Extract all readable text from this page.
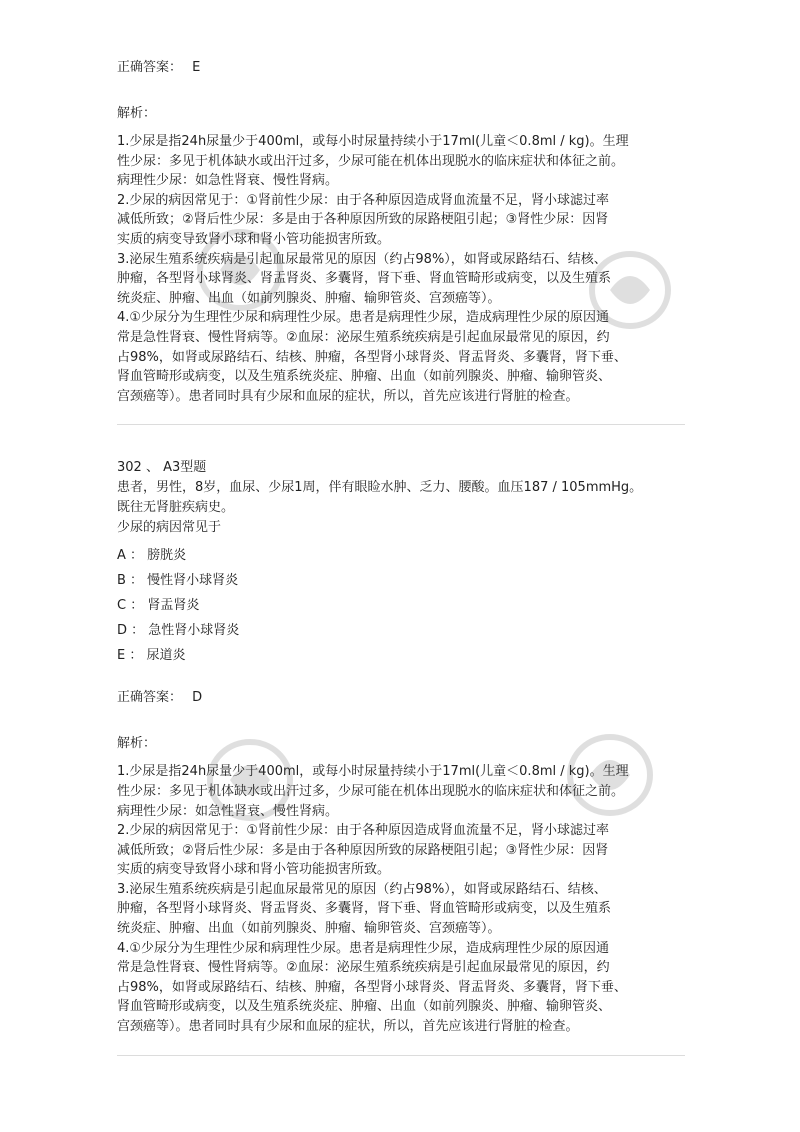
正确答案： E
解析：
1.少尿是指24h尿量少于400ml，或每小时尿量持续小于17ml(儿童＜0.8ml / kg)。生理
性少尿：多见于机体缺水或出汗过多，少尿可能在机体出现脱水的临床症状和体征之前。
病理性少尿：如急性肾衰、慢性肾病。
2.少尿的病因常见于：①肾前性少尿：由于各种原因造成肾血流量不足，肾小球滤过率
减低所致；②肾后性少尿：多是由于各种原因所致的尿路梗阻引起；③肾性少尿：因肾
实质的病变导致肾小球和肾小管功能损害所致。
3.泌尿生殖系统疾病是引起血尿最常见的原因（约占98%），如肾或尿路结石、结核、
肿瘤，各型肾小球肾炎、肾盂肾炎、多囊肾，肾下垂、肾血管畸形或病变，以及生殖系
统炎症、肿瘤、出血（如前列腺炎、肿瘤、输卵管炎、宫颈癌等）。
4.①少尿分为生理性少尿和病理性少尿。患者是病理性少尿，造成病理性少尿的原因通
常是急性肾衰、慢性肾病等。②血尿：泌尿生殖系统疾病是引起血尿最常见的原因，约
占98%，如肾或尿路结石、结核、肿瘤，各型肾小球肾炎、肾盂肾炎、多囊肾，肾下垂、
肾血管畸形或病变，以及生殖系统炎症、肿瘤、出血（如前列腺炎、肿瘤、输卵管炎、
宫颈癌等）。患者同时具有少尿和血尿的症状，所以，首先应该进行肾脏的检查。
302 、 A3型题
患者，男性，8岁，血尿、少尿1周，伴有眼睑水肿、乏力、腰酸。血压187 / 105mmHg。
既往无肾脏疾病史。
少尿的病因常见于
A ： 膀胱炎
B ： 慢性肾小球肾炎
C ： 肾盂肾炎
D ： 急性肾小球肾炎
E ： 尿道炎
正确答案： D
解析：
1.少尿是指24h尿量少于400ml，或每小时尿量持续小于17ml(儿童＜0.8ml / kg)。生理
性少尿：多见于机体缺水或出汗过多，少尿可能在机体出现脱水的临床症状和体征之前。
病理性少尿：如急性肾衰、慢性肾病。
2.少尿的病因常见于：①肾前性少尿：由于各种原因造成肾血流量不足，肾小球滤过率
减低所致；②肾后性少尿：多是由于各种原因所致的尿路梗阻引起；③肾性少尿：因肾
实质的病变导致肾小球和肾小管功能损害所致。
3.泌尿生殖系统疾病是引起血尿最常见的原因（约占98%），如肾或尿路结石、结核、
肿瘤，各型肾小球肾炎、肾盂肾炎、多囊肾，肾下垂、肾血管畸形或病变，以及生殖系
统炎症、肿瘤、出血（如前列腺炎、肿瘤、输卵管炎、宫颈癌等）。
4.①少尿分为生理性少尿和病理性少尿。患者是病理性少尿，造成病理性少尿的原因通
常是急性肾衰、慢性肾病等。②血尿：泌尿生殖系统疾病是引起血尿最常见的原因，约
占98%，如肾或尿路结石、结核、肿瘤，各型肾小球肾炎、肾盂肾炎、多囊肾，肾下垂、
肾血管畸形或病变，以及生殖系统炎症、肿瘤、出血（如前列腺炎、肿瘤、输卵管炎、
宫颈癌等）。患者同时具有少尿和血尿的症状，所以，首先应该进行肾脏的检查。
